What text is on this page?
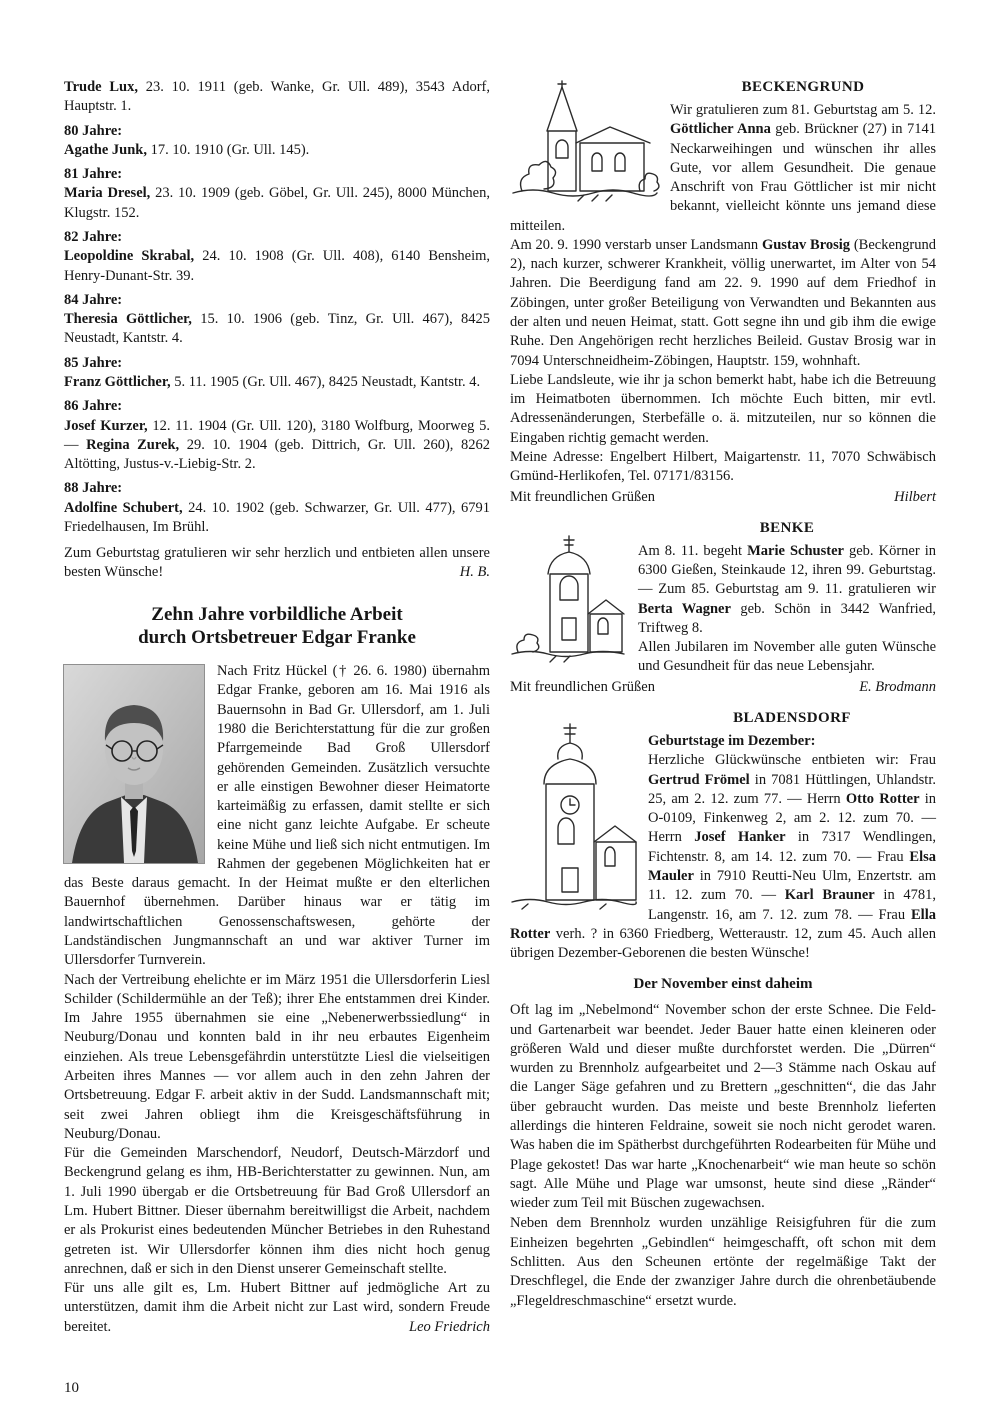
Trude Lux, 23. 10. 1911 (geb. Wanke, Gr. Ull. 489), 3543 Adorf, Hauptstr. 1.

80 Jahre:

Agathe Junk, 17. 10. 1910 (Gr. Ull. 145).

81 Jahre:

Maria Dresel, 23. 10. 1909 (geb. Göbel, Gr. Ull. 245), 8000 München, Klugstr. 152.

82 Jahre:

Leopoldine Skrabal, 24. 10. 1908 (Gr. Ull. 408), 6140 Bensheim, Henry-Dunant-Str. 39.

84 Jahre:

Theresia Göttlicher, 15. 10. 1906 (geb. Tinz, Gr. Ull. 467), 8425 Neustadt, Kantstr. 4.

85 Jahre:

Franz Göttlicher, 5. 11. 1905 (Gr. Ull. 467), 8425 Neustadt, Kantstr. 4.

86 Jahre:

Josef Kurzer, 12. 11. 1904 (Gr. Ull. 120), 3180 Wolfburg, Moorweg 5. — Regina Zurek, 29. 10. 1904 (geb. Dittrich, Gr. Ull. 260), 8262 Altötting, Justus-v.-Liebig-Str. 2.

88 Jahre:

Adolfine Schubert, 24. 10. 1902 (geb. Schwarzer, Gr. Ull. 477), 6791 Friedelhausen, Im Brühl.

Zum Geburtstag gratulieren wir sehr herzlich und entbieten allen unsere besten Wünsche!	H. B.

Zehn Jahre vorbildliche Arbeit
durch Ortsbetreuer Edgar Franke

Nach Fritz Hückel († 26. 6. 1980) übernahm Edgar Franke, geboren am 16. Mai 1916 als Bauernsohn in Bad Gr. Ullersdorf, am 1. Juli 1980 die Berichterstattung für die zur großen Pfarrgemeinde Bad Groß Ullersdorf gehörenden Gemeinden. Zusätzlich versuchte er alle einstigen Bewohner dieser Heimatorte karteimäßig zu erfassen, damit stellte er sich eine nicht ganz leichte Aufgabe. Er scheute keine Mühe und ließ sich nicht entmutigen. Im Rahmen der gegebenen Möglichkeiten hat er das Beste daraus gemacht. In der Heimat mußte er den elterlichen Bauernhof übernehmen. Darüber hinaus war er tätig im landwirtschaftlichen Genossenschaftswesen, gehörte der Landständischen Jungmannschaft an und war aktiver Turner im Ullersdorfer Turnverein.

Nach der Vertreibung ehelichte er im März 1951 die Ullersdorferin Liesl Schilder (Schildermühle an der Teß); ihrer Ehe entstammen drei Kinder. Im Jahre 1955 übernahmen sie eine „Nebenerwerbssiedlung“ in Neuburg/Donau und konnten bald in ihr neu erbautes Eigenheim einziehen. Als treue Lebensgefährdin unterstützte Liesl die vielseitigen Arbeiten ihres Mannes — vor allem auch in den zehn Jahren der Ortsbetreuung. Edgar F. arbeit aktiv in der Sudd. Landsmannschaft mit; seit zwei Jahren obliegt ihm die Kreisgeschäftsführung in Neuburg/Donau.

Für die Gemeinden Marschendorf, Neudorf, Deutsch-Märzdorf und Beckengrund gelang es ihm, HB-Berichterstatter zu gewinnen. Nun, am 1. Juli 1990 übergab er die Ortsbetreuung für Bad Groß Ullersdorf an Lm. Hubert Bittner. Dieser übernahm bereitwilligst die Arbeit, nachdem er als Prokurist eines bedeutenden Müncher Betriebes in den Ruhestand getreten ist. Wir Ullersdorfer können ihm dies nicht hoch genug anrechnen, daß er sich in den Dienst unserer Gemeinschaft stellte.

Für uns alle gilt es, Lm. Hubert Bittner auf jedmögliche Art zu unterstützen, damit ihm die Arbeit nicht zur Last wird, sondern Freude bereitet.	Leo Friedrich

BECKENGRUND

Wir gratulieren zum 81. Geburtstag am 5. 12. Göttlicher Anna geb. Brückner (27) in 7141 Neckarweihingen und wünschen ihr alles Gute, vor allem Gesundheit. Die genaue Anschrift von Frau Göttlicher ist mir nicht bekannt, vielleicht könnte uns jemand diese mitteilen.

Am 20. 9. 1990 verstarb unser Landsmann Gustav Brosig (Beckengrund 2), nach kurzer, schwerer Krankheit, völlig unerwartet, im Alter von 54 Jahren. Die Beerdigung fand am 22. 9. 1990 auf dem Friedhof in Zöbingen, unter großer Beteiligung von Verwandten und Bekannten aus der alten und neuen Heimat, statt. Gott segne ihn und gib ihm die ewige Ruhe. Den Angehörigen recht herzliches Beileid. Gustav Brosig war in 7094 Unterschneidheim-Zöbingen, Hauptstr. 159, wohnhaft.

Liebe Landsleute, wie ihr ja schon bemerkt habt, habe ich die Betreuung im Heimatboten übernommen. Ich möchte Euch bitten, mir evtl. Adressenänderungen, Sterbefälle o. ä. mitzuteilen, nur so können die Eingaben richtig gemacht werden.

Meine Adresse: Engelbert Hilbert, Maigartenstr. 11, 7070 Schwäbisch Gmünd-Herlikofen, Tel. 07171/83156.

Mit freundlichen Grüßen	Hilbert

BENKE

Am 8. 11. begeht Marie Schuster geb. Körner in 6300 Gießen, Steinkaude 12, ihren 99. Geburtstag. — Zum 85. Geburtstag am 9. 11. gratulieren wir Berta Wagner geb. Schön in 3442 Wanfried, Triftweg 8.

Allen Jubilaren im November alle guten Wünsche und Gesundheit für das neue Lebensjahr.

Mit freundlichen Grüßen	E. Brodmann

BLADENSDORF

Geburtstage im Dezember:

Herzliche Glückwünsche entbieten wir: Frau Gertrud Frömel in 7081 Hüttlingen, Uhlandstr. 25, am 2. 12. zum 77. — Herrn Otto Rotter in O-0109, Finkenweg 2, am 2. 12. zum 70. — Herrn Josef Hanker in 7317 Wendlingen, Fichtenstr. 8, am 14. 12. zum 70. — Frau Elsa Mauler in 7910 Reutti-Neu Ulm, Enzertstr. am 11. 12. zum 70. — Karl Brauner in 4781, Langenstr. 16, am 7. 12. zum 78. — Frau Ella Rotter verh. ? in 6360 Friedberg, Wetteraustr. 12, zum 45. Auch allen übrigen Dezember-Geborenen die besten Wünsche!

Der November einst daheim

Oft lag im „Nebelmond“ November schon der erste Schnee. Die Feld- und Gartenarbeit war beendet. Jeder Bauer hatte einen kleineren oder größeren Wald und dieser mußte durchforstet werden. Die „Dürren“ wurden zu Brennholz aufgearbeitet und 2—3 Stämme nach Oskau auf die Langer Säge gefahren und zu Brettern „geschnitten“, die das Jahr über gebraucht wurden. Das meiste und beste Brennholz lieferten allerdings die hinteren Feldraine, soweit sie noch nicht gerodet waren. Was haben die im Spätherbst durchgeführten Rodearbeiten für Mühe und Plage gekostet! Das war harte „Knochenarbeit“ wie man heute so schön sagt. Alle Mühe und Plage war umsonst, heute sind diese „Ränder“ wieder zum Teil mit Büschen zugewachsen.

Neben dem Brennholz wurden unzählige Reisigfuhren für die zum Einheizen begehrten „Gebindlen“ heimgeschafft, oft schon mit dem Schlitten. Aus den Scheunen ertönte der regelmäßige Takt der Dreschflegel, die Ende der zwanziger Jahre durch die ohrenbetäubende „Flegeldreschmaschine“ ersetzt wurde.

10
